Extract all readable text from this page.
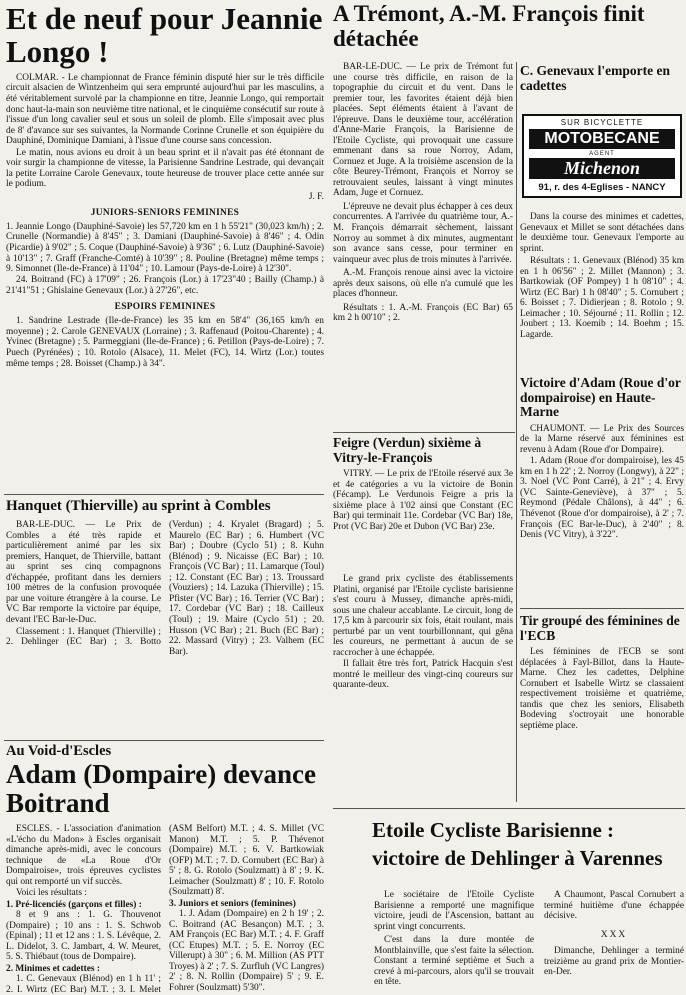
Et de neuf pour Jeannie Longo !

COLMAR. - Le championnat de France féminin disputé hier sur le très difficile circuit alsacien de Wintzenheim qui sera emprunté aujourd'hui par les masculins, a été véritablement survolé par la championne en titre, Jeannie Longo, qui remportait donc haut-la-main son neuvième titre national, et le cinquième consécutif sur route à l'issue d'un long cavalier seul et sous un soleil de plomb. Elle s'imposait avec plus de 8' d'avance sur ses suivantes, la Normande Corinne Crunelle et son équipière du Dauphiné, Dominique Damiani, à l'issue d'une course sans concession.

Le matin, nous avions eu droit à un beau sprint et il n'avait pas été étonnant de voir surgir la championne de vitesse, la Parisienne Sandrine Lestrade, qui devançait la petite Lorraine Carole Genevaux, toute heureuse de trouver place cette année sur le podium.

J. F.
JUNIORS-SENIORS FEMININES
1. Jeannie Longo (Dauphiné-Savoie) les 57,720 km en 1 h 55'21" (30,023 km/h) ; 2. Crunelle (Normandie) à 8'45" ; 3. Damiani (Dauphiné-Savoie) à 8'46" ; 4. Odin (Picardie) à 9'02" ; 5. Coque (Dauphiné-Savoie) à 9'36" ; 6. Lutz (Dauphiné-Savoie) à 10'13" ; 7. Graff (Franche-Comté) à 10'39" ; 8. Pouline (Bretagne) même temps ; 9. Simonnet (Ile-de-France) à 11'04" ; 10. Lamour (Pays-de-Loire) à 12'30".
24. Boitrand (FC) à 17'09" ; 26. François (Lor.) à 17'23"40 ; Bailly (Champ.) à 21'41"51 ; Ghislaine Genevaux (Lor.) à 27'26", etc.
ESPOIRS FEMININES
1. Sandrine Lestrade (Ile-de-France) les 35 km en 58'4" (36,165 km/h en moyenne) ; 2. Carole GENEVAUX (Lorraine) ; 3. Raffenaud (Poitou-Charente) ; 4. Yvinec (Bretagne) ; 5. Parmeggiani (Ile-de-France) ; 6. Petillon (Pays-de-Loire) ; 7. Puech (Pyrénées) ; 10. Rotolo (Alsace), 11. Melet (FC), 14. Wirtz (Lor.) toutes même temps ; 28. Boisset (Champ.) à 34".
Hanquet (Thierville) au sprint à Combles

BAR-LE-DUC. — Le Prix de Combles a été très rapide et particulièrement animé par les six premiers, Hanquet, de Thierville, battant au sprint ses cinq compagnons d'échappée, profitant dans les derniers 100 mètres de la confusion provoquée par une voiture étrangère à la course. Le VC Bar remporte la victoire par équipe, devant l'EC Bar-le-Duc.

Classement : 1. Hanquet (Thierville) ; 2. Dehlinger (EC Bar) ; 3. Botto (Verdun) ; 4. Kryalet (Bragard) ; 5. Maurelo (EC Bar) ; 6. Humbert (VC Bar) ; Doubre (Cyclo 51) ; 8. Kuhn (Blénod) ; 9. Nicaisse (EC Bar) ; 10. François (VC Bar) ; 11. Lamarque (Toul) ; 12. Constant (EC Bar) ; 13. Troussard (Vouziers) ; 14. Lazuka (Thierville) ; 15. Pfister (VC Bar) ; 16. Terrier (VC Bar) ; 17. Cordebar (VC Bar) ; 18. Cailleux (Toul) ; 19. Maire (Cyclo 51) ; 20. Husson (VC Bar) ; 21. Buch (EC Bar) ; 22. Massard (Vitry) ; 23. Valhem (EC Bar).

Au Void-d'Escles
Adam (Dompaire) devance Boitrand

ESCLES. - L'association d'animation «L'écho du Madon» à Escles organisait dimanche après-midi, avec le concours technique de «La Roue d'Or Dompairoise», trois épreuves cyclistes qui ont remporté un vif succès.

Voici les résultats :

1. Pré-licenciés (garçons et filles) :

8 et 9 ans : 1. G. Thouvenot (Dompaire) ; 10 ans : 1. S. Schwob (Epinal) ; 11 et 12 ans : 1. S. Lévêque, 2. L. Didelot, 3. C. Jambart, 4. W. Meuret, 5. S. Thiébaut (tous de Dompaire).

2. Minimes et cadettes :

1. C. Genevaux (Blénod) en 1 h 11' ; 2. I. Wirtz (EC Bar) M.T. ; 3. I. Melet (ASM Belfort) M.T. ; 4. S. Millet (VC Manon) M.T. ; 5. P. Thévenot (Dompaire) M.T. ; 6. V. Bartkowiak (OFP) M.T. ; 7. D. Cornubert (EC Bar) à 5' ; 8. G. Rotolo (Soulzmatt) à 8' ; 9. K. Leimacher (Soulzmatt) 8' ; 10. F. Rotolo (Soulzmatt) 8'.

3. Juniors et seniors (feminines)

1. J. Adam (Dompaire) en 2 h 19' ; 2. C. Boitrand (AC Besançon) M.T. ; 3. AM François (EC Bar) M.T. ; 4. F. Graff (CC Etupes) M.T. ; 5. E. Norroy (EC Villerupt) à 30" ; 6. M. Million (AS PTT Troyes) à 2' ; 7. S. Zurfluh (VC Langres) 2' ; 8. N. Rollin (Dompaire) 5' ; 9. E. Fohrer (Soulzmatt) 5'30".

A Trémont, A.-M. François finit détachée

BAR-LE-DUC. — Le prix de Trémont fut une course très difficile, en raison de la topographie du circuit et du vent. Dans le premier tour, les favorites étaient déjà bien placées. Sept éléments étaient à l'avant de l'épreuve. Dans le deuxième tour, accélération d'Anne-Marie François, la Barisienne de l'Etoile Cycliste, qui provoquait une cassure emmenant dans sa roue Norroy, Adam, Cornuez et Juge. A la troisième ascension de la côte Beurey-Trémont, François et Norroy se retrouvaient seules, laissant à vingt minutes Adam, Juge et Cornuez.

L'épreuve ne devait plus échapper à ces deux concurrentes. A l'arrivée du quatrième tour, A.-M. François démarrait sèchement, laissant Norroy au sommet à dix minutes, augmentant son avance sans cesse, pour terminer en vainqueur avec plus de trois minutes à l'arrivée.

A.-M. François renoue ainsi avec la victoire après deux saisons, où elle n'a cumulé que les places d'honneur.

Résultats : 1. A.-M. François (EC Bar) 65 km 2 h 00'10" ; 2.

Feigre (Verdun) sixième à Vitry-le-François

VITRY. — Le prix de l'Etoile réservé aux 3e et 4e catégories a vu la victoire de Bonin (Fécamp). Le Verdunois Feigre a pris la sixième place à 1'02 ainsi que Constant (EC Bar) qui terminait 11e. Cordebar (VC Bar) 18e, Prot (VC Bar) 20e et Dubon (VC Bar) 23e.

Le grand prix cycliste des établissements Platini, organisé par l'Etoile cycliste barisienne s'est couru à Mussey, dimanche après-midi, sous une chaleur accablante. Le circuit, long de 17,5 km à parcourir six fois, était roulant, mais perturbé par un vent tourbillonnant, qui gêna les coureurs, ne permettant à aucun de se raccrocher à une échappée.

Il fallait être très fort, Patrick Hacquin s'est montré le meilleur des vingt-cinq coureurs sur quarante-deux.

C. Genevaux l'emporte en cadettes
SUR BICYCLETTE
MOTOBECANE
AGENT
Michenon
91, r. des 4-Eglises - NANCY

Dans la course des minimes et cadettes, Genevaux et Millet se sont détachées dans le deuxième tour. Genevaux l'emporte au sprint.

Résultats : 1. Genevaux (Blénod) 35 km en 1 h 06'56" ; 2. Millet (Mannon) ; 3. Bartkowiak (OF Pompey) 1 h 08'10" ; 4. Wirtz (EC Bar) 1 h 08'40" ; 5. Cornubert ; 6. Boisset ; 7. Didierjean ; 8. Rotolo ; 9. Leimacher ; 10. Séjourné ; 11. Rollin ; 12. Joubert ; 13. Koemib ; 14. Boehm ; 15. Lagarde.

Victoire d'Adam (Roue d'or dompairoise) en Haute-Marne

CHAUMONT. — Le Prix des Sources de la Marne réservé aux féminines est revenu à Adam (Roue d'or Dompaire).

1. Adam (Roue d'or dompairoise), les 45 km en 1 h 22' ; 2. Norroy (Longwy), à 22" ; 3. Noel (VC Pont Carré), à 21" ; 4. Ervy (VC Sainte-Geneviève), à 37" ; 5. Reymond (Pédale Châlons), à 44" ; 6. Thévenot (Roue d'or dompairoise), à 2' ; 7. François (EC Bar-le-Duc), à 2'40" ; 8. Denis (VC Vitry), à 3'22".

Tir groupé des féminines de l'ECB

Les féminines de l'ECB se sont déplacées à Fayl-Billot, dans la Haute-Marne. Chez les cadettes, Delphine Cornubert et Isabelle Wirtz se classaient respectivement troisième et quatrième, tandis que chez les seniors, Elisabeth Bodeving s'octroyait une honorable septième place.

Etoile Cycliste Barisienne : victoire de Dehlinger à Varennes

Le sociétaire de l'Etoile Cycliste Barisienne a remporté une magnifique victoire, jeudi de l'Ascension, battant au sprint vingt concurrents.

C'est dans la dure montée de Montblainville, que s'est faite la sélection. Constant a terminé septième et Such a crevé à mi-parcours, alors qu'il se trouvait en tête.

A Chaumont, Pascal Cornubert a terminé huitième d'une échappée décisive.

XXX

Dimanche, Dehlinger a terminé treizième au grand prix de Montier-en-Der.
